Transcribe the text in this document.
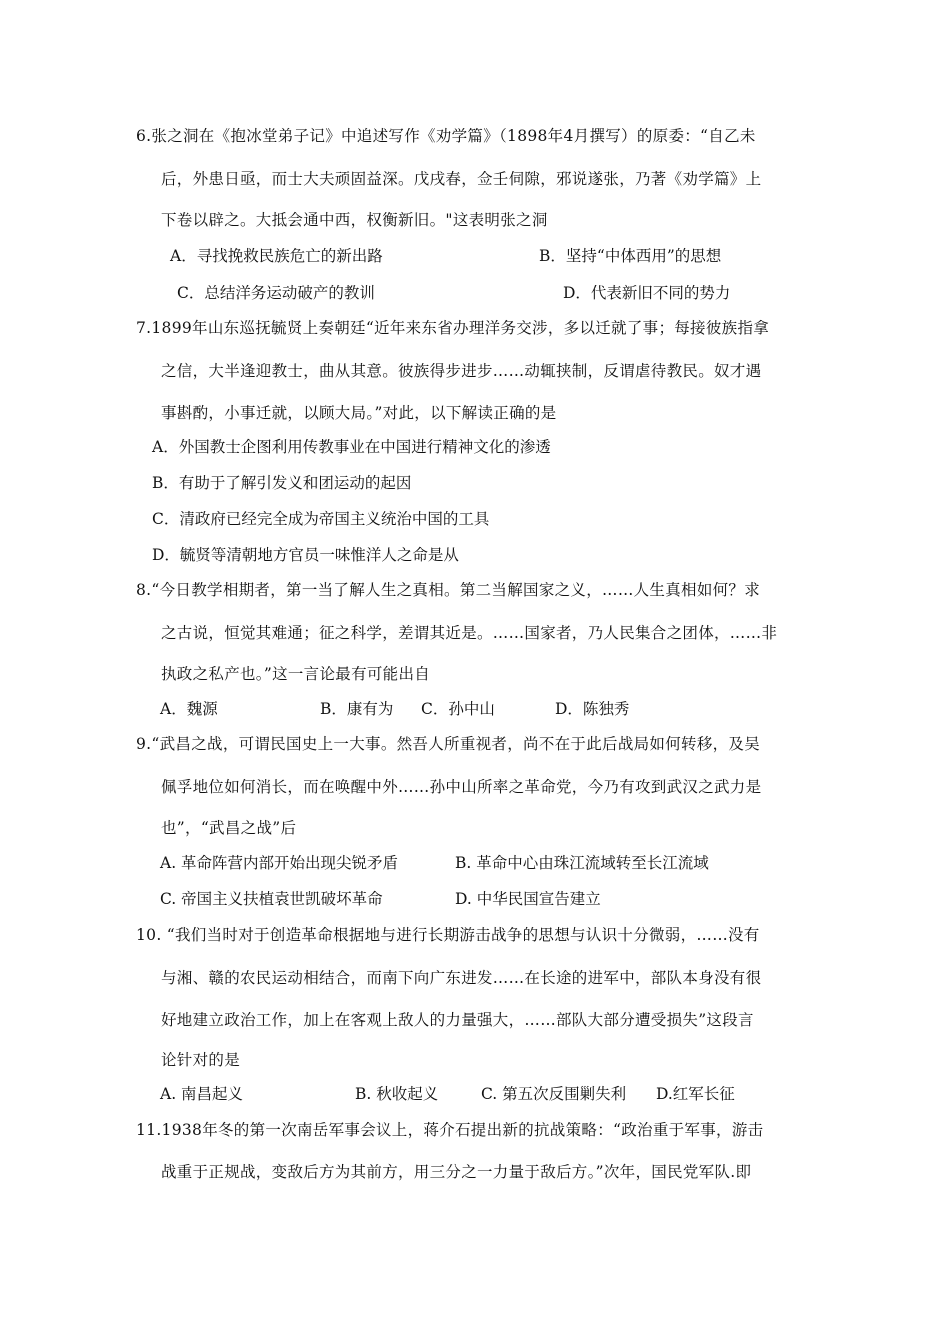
6.张之洞在《抱冰堂弟子记》中追述写作《劝学篇》（1898年4月撰写）的原委：“自乙未
后，外患日亟，而士大夫顽固益深。戊戌春，佥壬伺隙，邪说遂张，乃著《劝学篇》上
下卷以辟之。大抵会通中西，权衡新旧。"这表明张之洞
A．寻找挽救民族危亡的新出路	B．坚持“中体西用”的思想
C．总结洋务运动破产的教训	D．代表新旧不同的势力
7.1899年山东巡抚毓贤上奏朝廷“近年来东省办理洋务交涉，多以迁就了事；每接彼族指拿
之信，大半逢迎教士，曲从其意。彼族得步进步……动辄挟制，反谓虐待教民。奴才遇
事斟酌，小事迁就，以顾大局。”对此，以下解读正确的是
A．外国教士企图利用传教事业在中国进行精神文化的渗透
B．有助于了解引发义和团运动的起因
C．清政府已经完全成为帝国主义统治中国的工具
D．毓贤等清朝地方官员一味惟洋人之命是从
8.“今日教学相期者，第一当了解人生之真相。第二当解国家之义，……人生真相如何？求
之古说，恒觉其难通；征之科学，差谓其近是。……国家者，乃人民集合之团体，……非
执政之私产也。”这一言论最有可能出自
A．魏源	B．康有为 C．孙中山	D．陈独秀
9.“武昌之战，可谓民国史上一大事。然吾人所重视者，尚不在于此后战局如何转移，及吴
佩孚地位如何消长，而在唤醒中外……孙中山所率之革命党，今乃有攻到武汉之武力是
也”，“武昌之战”后
A. 革命阵营内部开始出现尖锐矛盾	B. 革命中心由珠江流域转至长江流域
C. 帝国主义扶植袁世凯破坏革命	D. 中华民国宣告建立
10. “我们当时对于创造革命根据地与进行长期游击战争的思想与认识十分微弱，……没有
与湘、赣的农民运动相结合，而南下向广东进发……在长途的进军中，部队本身没有很
好地建立政治工作，加上在客观上敌人的力量强大，……部队大部分遭受损失”这段言
论针对的是
A. 南昌起义	B. 秋收起义	C. 第五次反围剿失利 D.红军长征
11.1938年冬的第一次南岳军事会议上，蒋介石提出新的抗战策略：“政治重于军事，游击
战重于正规战，变敌后方为其前方，用三分之一力量于敌后方。”次年，国民党军队.即
